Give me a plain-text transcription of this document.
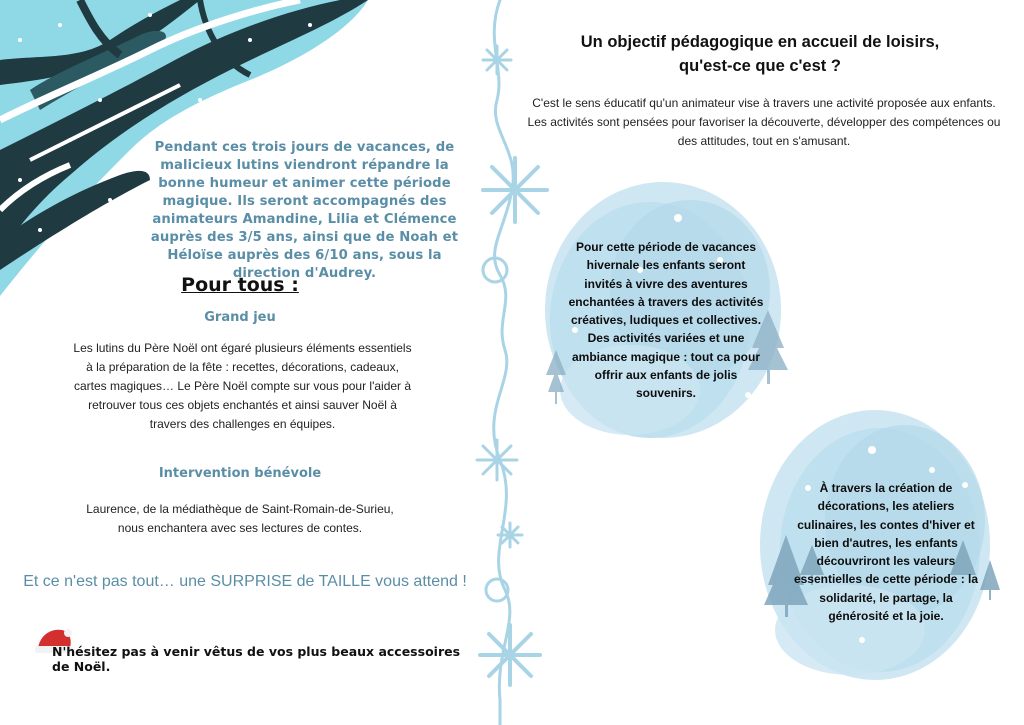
Pendant ces trois jours de vacances, de malicieux lutins viendront répandre la bonne humeur et animer cette période magique. Ils seront accompagnés des animateurs Amandine, Lilia et Clémence auprès des 3/5 ans, ainsi que de Noah et Héloïse auprès des 6/10 ans, sous la direction d'Audrey.
Pour tous :
Grand jeu
Les lutins du Père Noël ont égaré plusieurs éléments essentiels à la préparation de la fête : recettes, décorations, cadeaux, cartes magiques… Le Père Noël compte sur vous pour l'aider à retrouver tous ces objets enchantés et ainsi sauver Noël à travers des challenges en équipes.
Intervention bénévole
Laurence, de la médiathèque de Saint-Romain-de-Surieu, nous enchantera avec ses lectures de contes.
Et ce n'est pas tout… une SURPRISE de TAILLE vous attend !
N'hésitez pas à venir vêtus de vos plus beaux accessoires de Noël.
Un objectif pédagogique en accueil de loisirs, qu'est-ce que c'est ?
C'est le sens éducatif qu'un animateur vise à travers une activité proposée aux enfants. Les activités sont pensées pour favoriser la découverte, développer des compétences ou des attitudes, tout en s'amusant.
Pour cette période de vacances hivernale les enfants seront invités à vivre des aventures enchantées à travers des activités créatives, ludiques et collectives. Des activités variées et une ambiance magique : tout ca pour offrir aux enfants de jolis souvenirs.
À travers la création de décorations, les ateliers culinaires, les contes d'hiver et bien d'autres, les enfants découvriront les valeurs essentielles de cette période : la solidarité, le partage, la générosité et la joie.
